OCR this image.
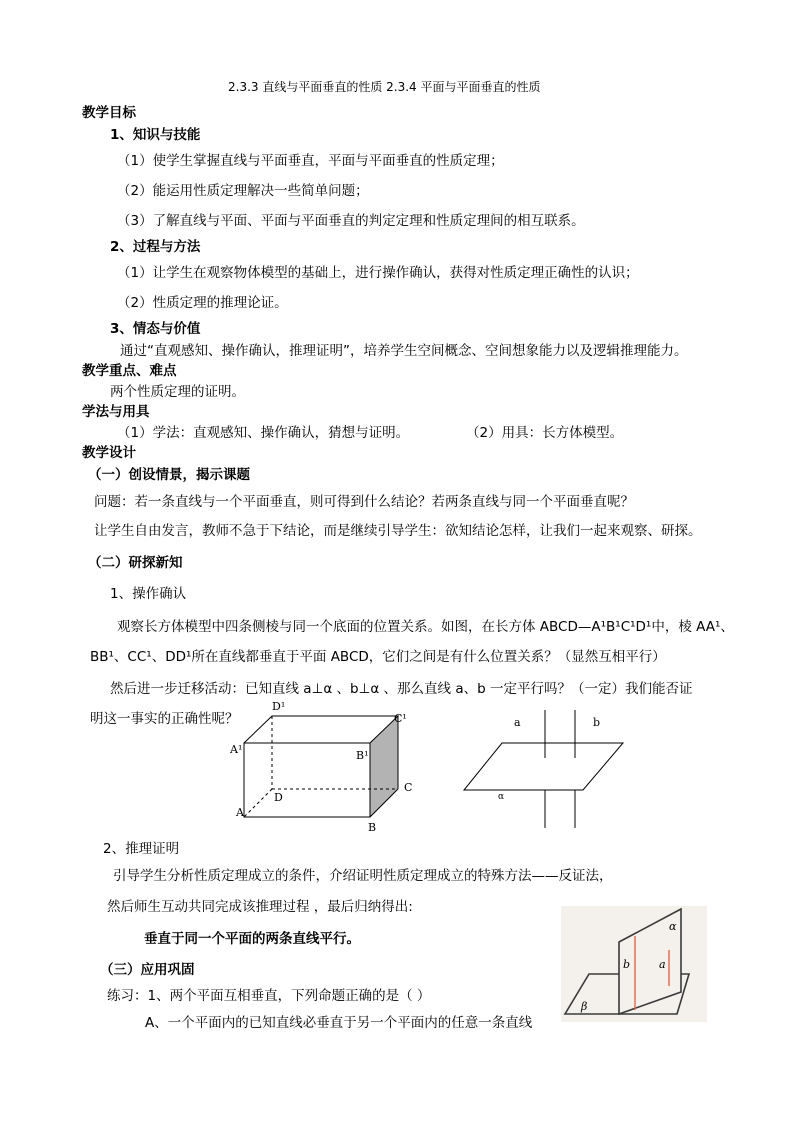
2.3.3 直线与平面垂直的性质 2.3.4 平面与平面垂直的性质
教学目标
1、知识与技能
（1）使学生掌握直线与平面垂直，平面与平面垂直的性质定理；
（2）能运用性质定理解决一些简单问题；
（3）了解直线与平面、平面与平面垂直的判定定理和性质定理间的相互联系。
2、过程与方法
（1）让学生在观察物体模型的基础上，进行操作确认，获得对性质定理正确性的认识；
（2）性质定理的推理论证。
3、情态与价值
通过“直观感知、操作确认，推理证明”，培养学生空间概念、空间想象能力以及逻辑推理能力。
教学重点、难点
两个性质定理的证明。
学法与用具
（1）学法：直观感知、操作确认，猜想与证明。	（2）用具：长方体模型。
教学设计
（一）创设情景，揭示课题
问题：若一条直线与一个平面垂直，则可得到什么结论？若两条直线与同一个平面垂直呢？
让学生自由发言，教师不急于下结论，而是继续引导学生：欲知结论怎样，让我们一起来观察、研探。
（二）研探新知
1、操作确认
观察长方体模型中四条侧棱与同一个底面的位置关系。如图，在长方体 ABCD—A¹B¹C¹D¹中，棱 AA¹、
BB¹、CC¹、DD¹所在直线都垂直于平面 ABCD，它们之间是有什么位置关系？（显然互相平行）
然后进一步迁移活动：已知直线 a⊥α 、b⊥α 、那么直线 a、b 一定平行吗？（一定）我们能否证
明这一事实的正确性呢？
D¹
C¹
A¹	B¹
C
D
A
B
a	b
α
2、推理证明
引导学生分析性质定理成立的条件，介绍证明性质定理成立的特殊方法——反证法，
然后师生互动共同完成该推理过程 ，最后归纳得出:
垂直于同一个平面的两条直线平行。
α
β
b	a
（三）应用巩固
练习：1、两个平面互相垂直，下列命题正确的是（ ）
A、一个平面内的已知直线必垂直于另一个平面内的任意一条直线
